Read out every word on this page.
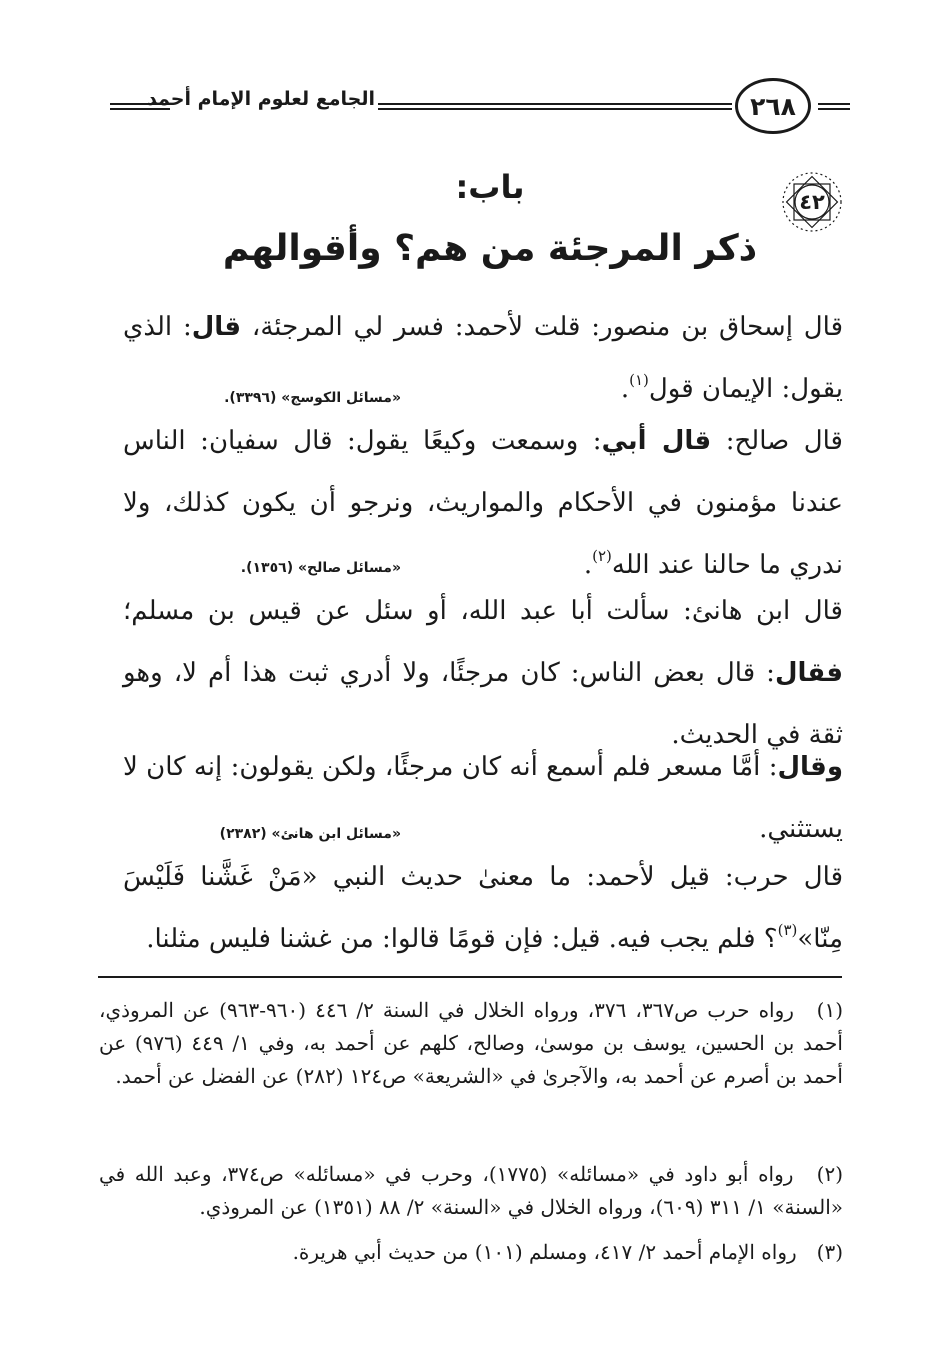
الجامع لعلوم الإمام أحمد	٢٦٨
٤٢
باب:
ذكر المرجئة من هم؟ وأقوالهم
قال إسحاق بن منصور: قلت لأحمد: فسر لي المرجئة، قال: الذي يقول: الإيمان قول$^{(١)}$.
«مسائل الكوسج» (٣٣٩٦).
قال صالح: قال أبي: وسمعت وكيعًا يقول: قال سفيان: الناس عندنا مؤمنون في الأحكام والمواريث، ونرجو أن يكون كذلك، ولا ندري ما حالنا عند الله$^{(٢)}$.
«مسائل صالح» (١٣٥٦).
قال ابن هانئ: سألت أبا عبد الله، أو سئل عن قيس بن مسلم؛ فقال: قال بعض الناس: كان مرجئًا، ولا أدري ثبت هذا أم لا، وهو ثقة في الحديث.
وقال: أمَّا مسعر فلم أسمع أنه كان مرجئًا، ولكن يقولون: إنه كان لا يستثني.
«مسائل ابن هانئ» (٢٣٨٢)
قال حرب: قيل لأحمد: ما معنىٰ حديث النبي «مَنْ غَشَّنا فَلَيْسَ مِنّا»$^{(٣)}$؟ فلم يجب فيه. قيل: فإن قومًا قالوا: من غشنا فليس مثلنا.
(١) رواه حرب ص٣٦٧، ٣٧٦، ورواه الخلال في السنة ٢/ ٤٤٦ (٩٦٠-٩٦٣) عن المروذي، أحمد بن الحسين، يوسف بن موسىٰ، وصالح، كلهم عن أحمد به، وفي ١/ ٤٤٩ (٩٧٦) عن أحمد بن أصرم عن أحمد به، والآجرىٰ في «الشريعة» ص١٢٤ (٢٨٢) عن الفضل عن أحمد.
(٢) رواه أبو داود في «مسائله» (١٧٧٥)، وحرب في «مسائله» ص٣٧٤، وعبد الله في «السنة» ١/ ٣١١ (٦٠٩)، ورواه الخلال في «السنة» ٢/ ٨٨ (١٣٥١) عن المروذي.
(٣) رواه الإمام أحمد ٢/ ٤١٧، ومسلم (١٠١) من حديث أبي هريرة.
